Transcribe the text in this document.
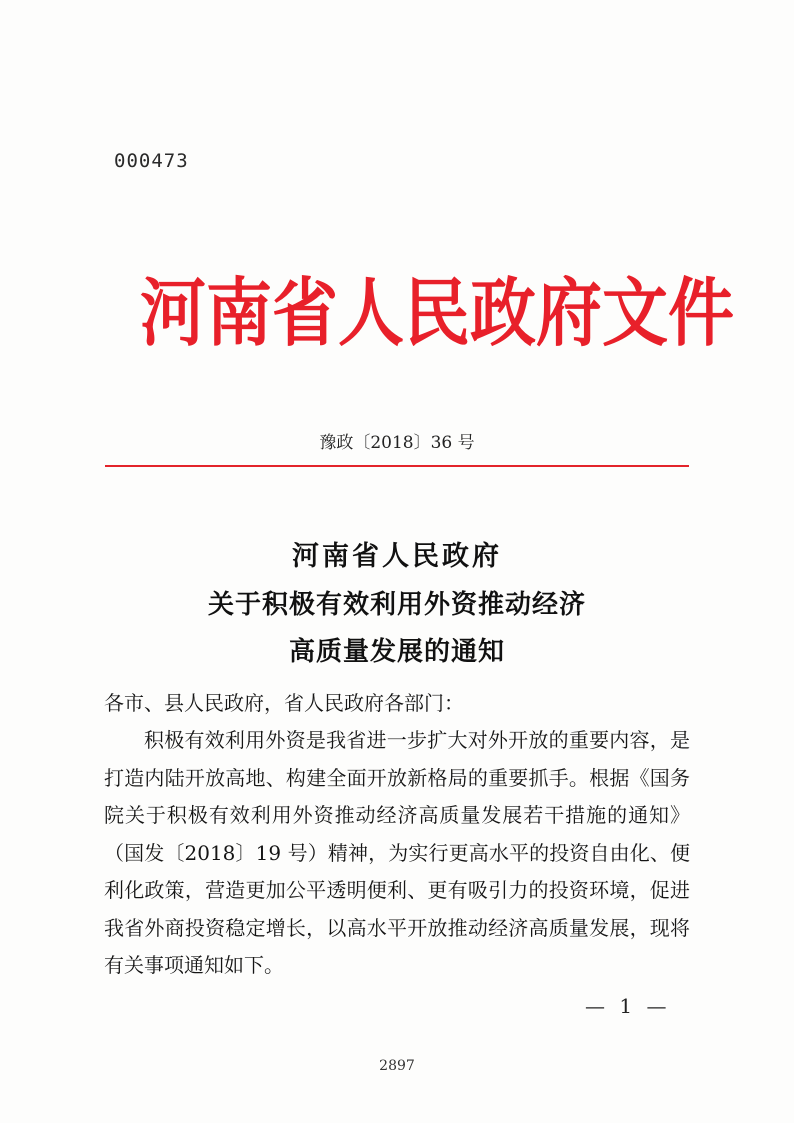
000473
河南省人民政府文件
豫政〔2018〕36 号
河南省人民政府
关于积极有效利用外资推动经济
高质量发展的通知
各市、县人民政府，省人民政府各部门：
积极有效利用外资是我省进一步扩大对外开放的重要内容，是打造内陆开放高地、构建全面开放新格局的重要抓手。根据《国务院关于积极有效利用外资推动经济高质量发展若干措施的通知》（国发〔2018〕19 号）精神，为实行更高水平的投资自由化、便利化政策，营造更加公平透明便利、更有吸引力的投资环境，促进我省外商投资稳定增长，以高水平开放推动经济高质量发展，现将有关事项通知如下。
— 1 —
2897
